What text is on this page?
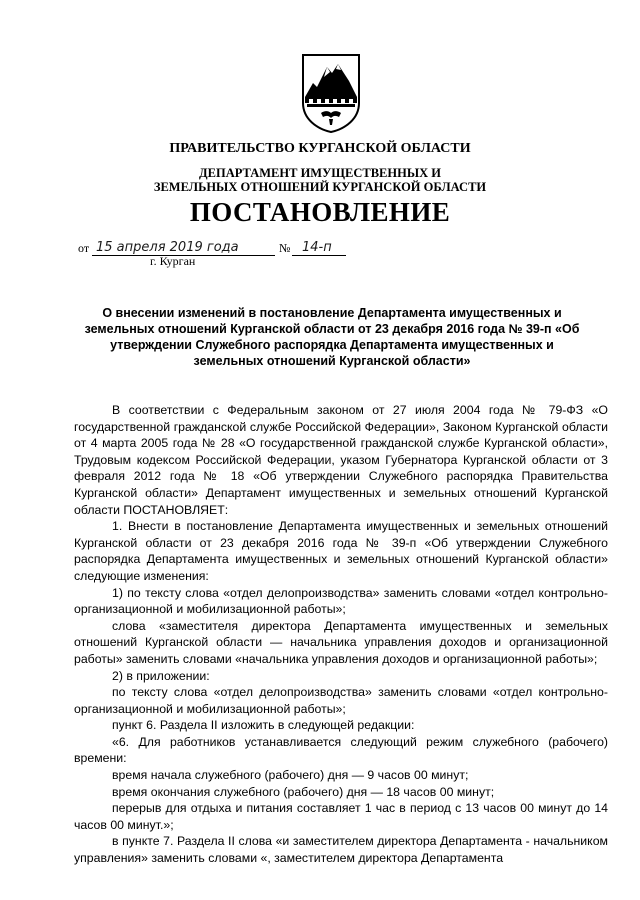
ПРАВИТЕЛЬСТВО КУРГАНСКОЙ ОБЛАСТИ
ДЕПАРТАМЕНТ ИМУЩЕСТВЕННЫХ И
ЗЕМЕЛЬНЫХ ОТНОШЕНИЙ КУРГАНСКОЙ ОБЛАСТИ
ПОСТАНОВЛЕНИЕ
от 15 апреля 2019 года	№ 14-п
г. Курган
О внесении изменений в постановление Департамента имущественных и земельных отношений Курганской области от 23 декабря 2016 года № 39-п «Об утверждении Служебного распорядка Департамента имущественных и земельных отношений Курганской области»

В соответствии с Федеральным законом от 27 июля 2004 года № 79-ФЗ «О государственной гражданской службе Российской Федерации», Законом Курганской области от 4 марта 2005 года № 28 «О государственной гражданской службе Курганской области», Трудовым кодексом Российской Федерации, указом Губернатора Курганской области от 3 февраля 2012 года № 18 «Об утверждении Служебного распорядка Правительства Курганской области» Департамент имущественных и земельных отношений Курганской области ПОСТАНОВЛЯЕТ:

1. Внести в постановление Департамента имущественных и земельных отношений Курганской области от 23 декабря 2016 года № 39-п «Об утверждении Служебного распорядка Департамента имущественных и земельных отношений Курганской области» следующие изменения:

1) по тексту слова «отдел делопроизводства» заменить словами «отдел контрольно-организационной и мобилизационной работы»;

слова «заместителя директора Департамента имущественных и земельных отношений Курганской области — начальника управления доходов и организационной работы» заменить словами «начальника управления доходов и организационной работы»;

2) в приложении:

по тексту слова «отдел делопроизводства» заменить словами «отдел контрольно-организационной и мобилизационной работы»;

пункт 6. Раздела II изложить в следующей редакции:

«6. Для работников устанавливается следующий режим служебного (рабочего) времени:

время начала служебного (рабочего) дня — 9 часов 00 минут;

время окончания служебного (рабочего) дня — 18 часов 00 минут;

перерыв для отдыха и питания составляет 1 час в период с 13 часов 00 минут до 14 часов 00 минут.»;

в пункте 7. Раздела II слова «и заместителем директора Департамента - начальником управления» заменить словами «, заместителем директора Департамента
